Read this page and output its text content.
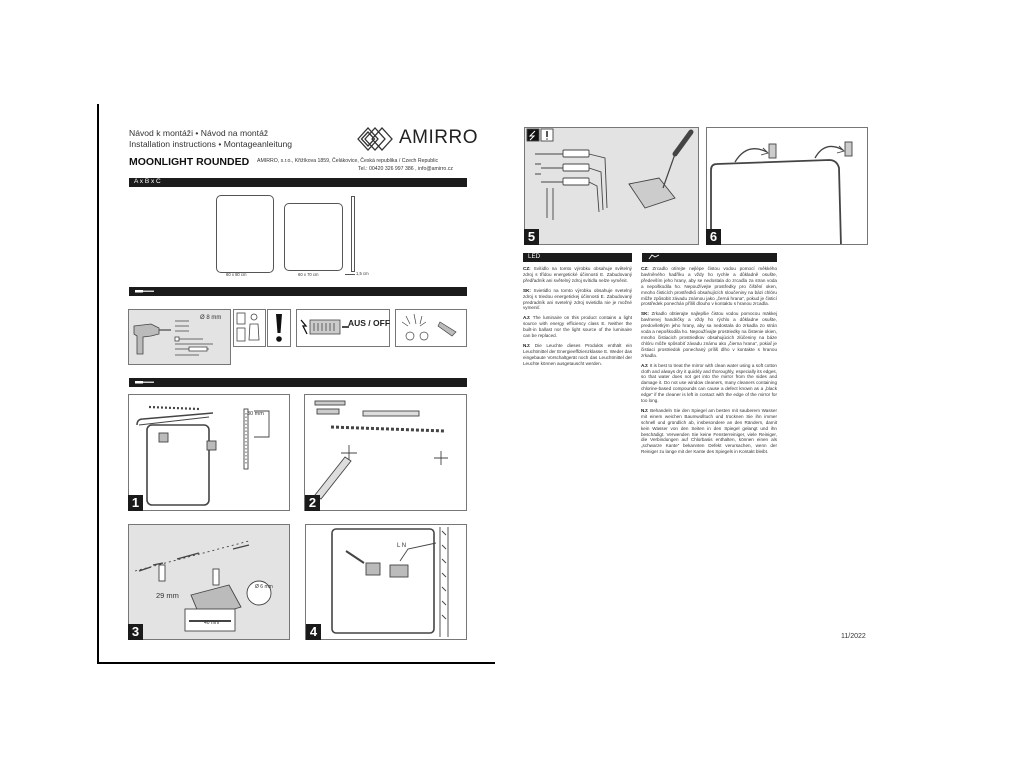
Návod k montáži • Návod na montáž
Installation instructions • Montageanleitung
MOONLIGHT ROUNDED
AMIRRO
AMIRRO, s.r.o., Křižíkova 1859, Čelákovice, Česká republika / Czech Republic
Tel.: 00420 326 997 386 , info@amirro.cz
A x B x C
60 x 80 cm	60 x 70 cm	1,5 cm
Ø 8 mm	AUS / OFF
30 mm
1	2
29 mm
40 mm
Ø 6 mm
3
L N
4
5	6
LED

CZ: Svítidlo na tomto výrobku obsahuje světelný zdroj s třídou energetické účinnosti E. Zabudovaný předřadník ani světelný zdroj svítidla nelze vyměnit.

SK: Svietidlo na tomto výrobku obsahuje svetelný zdroj s triedou energetickej účinnosti E. Zabudovaný predradník ani svetelný zdroj svietidla nie je možné vymeniť.

AJ: The luminaire on this product contains a light source with energy efficiency class E. Neither the built-in ballast nor the light source of the luminaire can be replaced.

NJ: Die Leuchte dieses Produkts enthält ein Leuchtmittel der Energieeffizienzklasse E. Weder das eingebaute Vorschaltgerät noch das Leuchtmittel der Leuchte können ausgetauscht werden.

CZ: Zrcadlo otírejte nejlépe čistou vodou pomocí měkkého bavlněného hadříku a vždy ho rychle a důkladně osušte, především jeho hrany, aby se nedostala do zrcadla za stran voda a nepoškodila ho. Nepoužívejte prostředky pro čištění oken, mnoho čisticích prostředků obsahujících sloučeniny na bázi chlóru může způsobit závadu známou jako „černá hrana“, pokud je čisticí prostředek ponechán příliš dlouho v kontaktu s hranou zrcadla.

SK: Zrkadlo obtierajte najlepšie čistou vodou pomocou mäkkej bavlnenej handričky a vždy ho rýchlo a dôkladne osušte, predovšetkým jeho hrany, aby sa nedostala do zrkadla zo strán voda a nepoškodila ho. Nepoužívajte prostriedky na čistenie okien, mnoho čistiacich prostriedkov obsahujúcich zlúčeniny na báze chlóru môže spôsobiť závadu známu ako „čierna hrana“, pokiaľ je čistiaci prostriedok ponechaný príliš dlho v kontakte s hranou zrkadla.

AJ: It is best to treat the mirror with clean water using a soft cotton cloth and always dry it quickly and thoroughly, especially its edges, so that water does not get into the mirror from the sides and damage it. Do not use window cleaners, many cleaners containing chlorine-based compounds can cause a defect known as a „black edge“ if the cleaner is left in contact with the edge of the mirror for too long.

NJ: Behandeln Sie den Spiegel am besten mit sauberem Wasser mit einem weichen Baumwolltuch und trocknen Sie ihn immer schnell und gründlich ab, insbesondere an den Rändern, damit kein Wasser von den Seiten in den Spiegel gelangt und ihn beschädigt. Verwenden Sie keine Fensterreiniger, viele Reiniger, die Verbindungen auf Chlorbasis enthalten, können einen als „schwarze Kante“ bekannten Defekt verursachen, wenn der Reiniger zu lange mit der Kante des Spiegels in Kontakt bleibt.

11/2022
